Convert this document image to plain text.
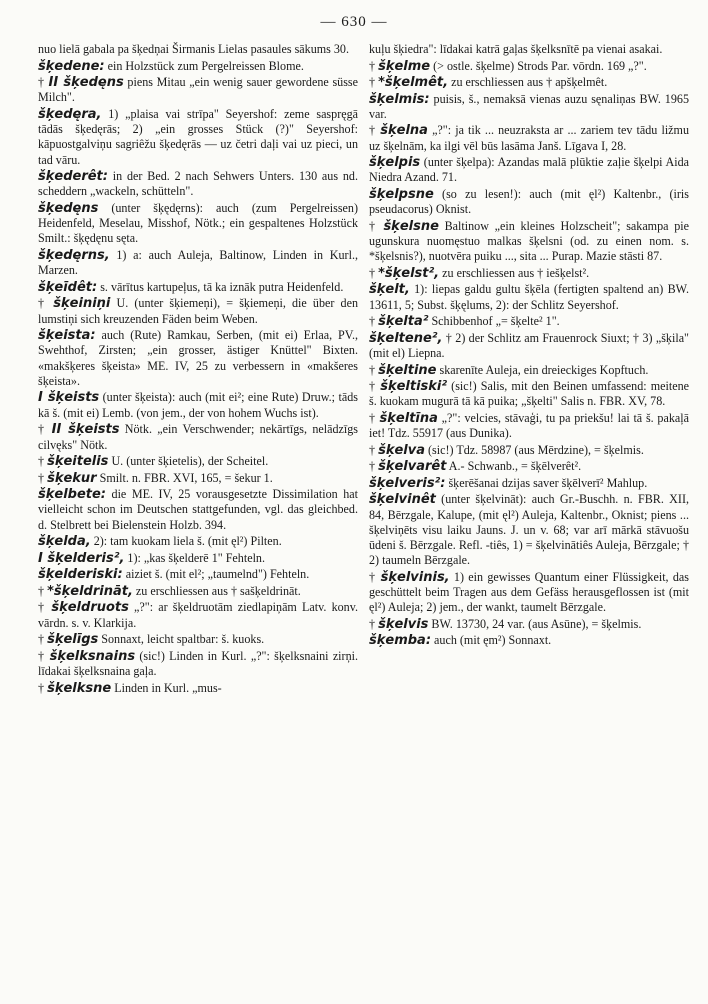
— 630 —

nuo lielā gabala pa šķedņai Širmanis Lielas pasaules sākums 30.

šķedene: ein Holzstück zum Pergelreissen Blome.

† II šķedęns piens Mitau „ein wenig sauer gewordene süsse Milch".

šķedęra, 1) „plaisa vai strīpa" Seyershof: zeme saspręgā tādās šķedęrās; 2) „ein grosses Stück (?)" Seyershof: kāpuostgalviņu sagriêžu šķedęrās — uz četri daļi vai uz pieci, un tad vāru.

šķederêt: in der Bed. 2 nach Sehwers Unters. 130 aus nd. scheddern „wackeln, schütteln".

šķedęns (unter šķędęrns): auch (zum Pergelreissen) Heidenfeld, Meselau, Misshof, Nötk.; ein gespaltenes Holzstück Smilt.: šķędęnu sęta.

šķedęrns, 1) a: auch Auleja, Baltinow, Linden in Kurl., Marzen.

šķeīdêt: s. vārītus kartupeļus, tā ka iznāk putra Heidenfeld.

† šķeiniņi U. (unter šķiemeņi), = šķiemeņi, die über den lumstiņi sich kreuzenden Fäden beim Weben.

šķeista: auch (Rute) Ramkau, Serben, (mit ei) Erlaa, PV., Swehthof, Zirsten; „ein grosser, ästiger Knüttel" Bixten. «makšķeres šķeista» ME. IV, 25 zu verbessern in «makšeres šķeista».

I šķeists (unter šķeista): auch (mit ei²; eine Rute) Druw.; tāds kā š. (mit ei) Lemb. (von jem., der von hohem Wuchs ist).

† II šķeists Nötk. „ein Verschwender; nekārtīgs, nelādzīgs cilvęks" Nötk.

† šķeitelis U. (unter šķietelis), der Scheitel.

† šķekur Smilt. n. FBR. XVI, 165, = šekur 1.

šķelbete: die ME. IV, 25 vorausgesetzte Dissimilation hat vielleicht schon im Deutschen stattgefunden, vgl. das gleichbed. d. Stelbrett bei Bielenstein Holzb. 394.

šķelda, 2): tam kuokam liela š. (mit ęl²) Pilten.

I šķelderis², 1): „kas šķelderē 1" Fehteln.

šķelderiski: aiziet š. (mit el²; „taumelnd") Fehteln.

† *šķeldrināt, zu erschliessen aus † sašķeldrināt.

† šķeldruots „?": ar šķeldruotām ziedlapiņām Latv. konv. vārdn. s. v. Klarkija.

† šķelīgs Sonnaxt, leicht spaltbar: š. kuoks.

† šķelksnains (sic!) Linden in Kurl. „?": šķelksnaini zirņi. līdakai šķelksnaina gaļa.

† šķelksne Linden in Kurl. „mus-

kuļu šķiedra": līdakai katrā gaļas šķelksnītē pa vienai asakai.

† šķelme (> ostle. šķelme) Strods Par. vōrdn. 169 „?".

† *šķelmêt, zu erschliessen aus † apšķelmêt.

šķelmis: puisis, š., nemaksā vienas auzu sęnaliņas BW. 1965 var.

† šķelna „?": ja tik ... neuzraksta ar ... zariem tev tādu ližmu uz šķelnām, ka ilgi vēl būs lasāma Janš. Līgava I, 28.

šķelpis (unter šķelpa): Azandas malā plūktie zaļie šķelpi Aida Niedra Azand. 71.

šķelpsne (so zu lesen!): auch (mit ęl²) Kaltenbr., (iris pseudacorus) Oknist.

† šķelsne Baltinow „ein kleines Holzscheit"; sakampa pie ugunskura nuomęstuo malkas šķelsni (od. zu einen nom. s. *šķelsnis?), nuotvēra puiku ..., sita ... Purap. Mazie stāsti 87.

† *šķelst², zu erschliessen aus † iešķelst².

šķelt, 1): liepas galdu gultu šķēla (fertigten spaltend an) BW. 13611, 5; Subst. šķęlums, 2): der Schlitz Seyershof.

† šķelta² Schibbenhof „= šķelte² 1".

šķeltene², † 2) der Schlitz am Frauenrock Siuxt; † 3) „šķila" (mit el) Liepna.

† šķeltine skarenīte Auleja, ein dreieckiges Kopftuch.

† šķeltiski² (sic!) Salis, mit den Beinen umfassend: meitene š. kuokam mugurā tā kā puika; „šķelti" Salis n. FBR. XV, 78.

† šķeltīna „?": velcies, stāvaģi, tu pa priekšu! lai tā š. pakaļā iet! Tdz. 55917 (aus Dunika).

† šķelva (sic!) Tdz. 58987 (aus Mērdzine), = šķelmis.

† šķelvarêt A.- Schwanb., = šķēlverêt².

šķelveris²: šķerēšanai dzijas saver šķēlverī² Mahlup.

šķelvinêt (unter šķelvināt): auch Gr.-Buschh. n. FBR. XII, 84, Bērzgale, Kalupe, (mit ęl²) Auleja, Kaltenbr., Oknist; piens ... šķelviņēts visu laiku Jauns. J. un v. 68; var arī mārkā stāvuošu ūdeni š. Bērzgale. Refl. -tiês, 1) = šķelvinātiês Auleja, Bērzgale; † 2) taumeln Bērzgale.

† šķelvinis, 1) ein gewisses Quantum einer Flüssigkeit, das geschüttelt beim Tragen aus dem Gefäss herausgeflossen ist (mit ęl²) Auleja; 2) jem., der wankt, taumelt Bērzgale.

† šķelvis BW. 13730, 24 var. (aus Asūne), = šķelmis.

šķemba: auch (mit ęm²) Sonnaxt.
